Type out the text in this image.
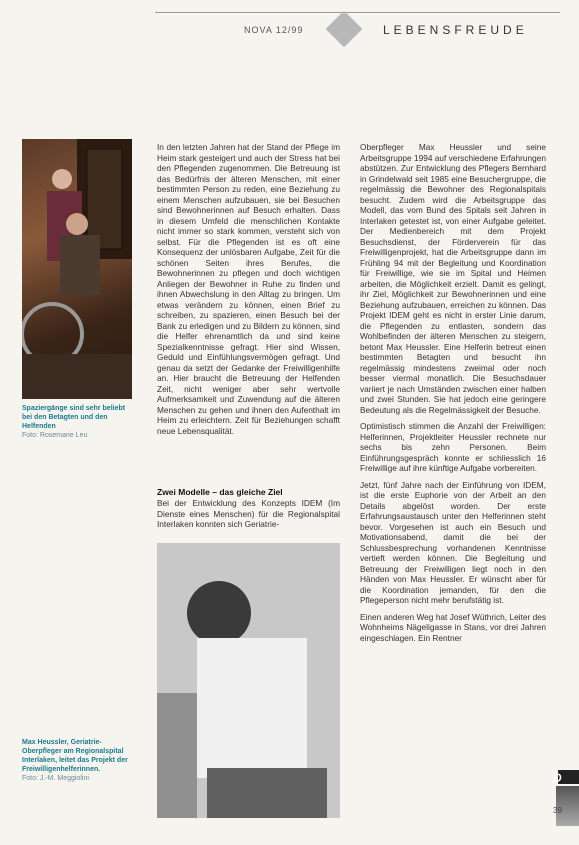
NOVA 12/99	LEBENSFREUDE
Spaziergänge sind sehr beliebt bei den Betagten und den Helfenden
Foto: Rosemarie Leu

In den letzten Jahren hat der Stand der Pflege im Heim stark gesteigert und auch der Stress hat bei den Pflegenden zugenommen. Die Betreuung ist das Bedürfnis der älteren Menschen, mit einer bestimmten Person zu reden, eine Beziehung zu einem Menschen aufzubauen, sie bei Besuchen sind Bewohnerinnen auf Besuch erhalten. Dass in diesem Umfeld die menschlichen Kontakte nicht immer so stark kommen, versteht sich von selbst. Für die Pflegenden ist es oft eine Konsequenz der unlösbaren Aufgabe, Zeit für die schönen Seiten ihres Berufes, die Bewohnerinnen zu pflegen und doch wichtigen Anliegen der Bewohner in Ruhe zu finden und ihnen Abwechslung in den Alltag zu bringen. Um etwas verändern zu können, einen Brief zu schreiben, zu spazieren, einen Besuch bei der Bank zu erledigen und zu Bildern zu können, sind die Helfer ehrenamtlich da und sind keine Spezialkenntnisse gefragt. Hier sind Wissen, Geduld und Einfühlungsvermögen gefragt. Und genau da setzt der Gedanke der Freiwilligenhilfe an. Hier braucht die Betreuung der Helfenden Zeit, nicht weniger aber sehr wertvolle Aufmerksamkeit und Zuwendung auf die älteren Menschen zu gehen und ihnen den Aufenthalt im Heim zu erleichtern. Zeit für Beziehungen schafft neue Lebensqualität.

Zwei Modelle – das gleiche Ziel

Bei der Entwicklung des Konzepts IDEM (Im Dienste eines Menschen) für die Regionalspital Interlaken konnten sich Geriatrie-

Max Heussler, Geriatrie-Oberpfleger am Regionalspital Interlaken, leitet das Projekt der Freiwilligenhelferinnen.
Foto: J.-M. Meggiolini

Oberpfleger Max Heussler und seine Arbeitsgruppe 1994 auf verschiedene Erfahrungen abstützen. Zur Entwicklung des Pflegers Bernhard in Grindelwald seit 1985 eine Besuchergruppe, die regelmässig die Bewohner des Regionalspitals besucht. Zudem wird die Arbeitsgruppe das Modell, das vom Bund des Spitals seit Jahren in Interlaken getestet ist, von einer Aufgabe geleitet. Der Medienbereich mit dem Projekt Besuchsdienst, der Förderverein für das Freiwilligenprojekt, hat die Arbeitsgruppe dann im Frühling 94 mit der Begleitung und Koordination für Freiwillige, wie sie im Spital und Heimen arbeiten, die Möglichkeit erzielt. Damit es gelingt, ihr Ziel, Möglichkeit zur Bewohnerinnen und eine Beziehung aufzubauen, erreichen zu können. Das Projekt IDEM geht es nicht in erster Linie darum, die Pflegenden zu entlasten, sondern das Wohlbefinden der älteren Menschen zu steigern, betont Max Heussler. Eine Helferin betreut einen bestimmten Betagten und besucht ihn regelmässig mindestens zweimal oder noch besser viermal monatlich. Die Besuchsdauer variiert je nach Umständen zwischen einer halben und zwei Stunden. Sie hat jedoch eine geringere Bedeutung als die Regelmässigkeit der Besuche.

Optimistisch stimmen die Anzahl der Freiwilligen: Helferinnen, Projektleiter Heussler rechnete nur sechs bis zehn Personen. Beim Einführungsgespräch konnte er schliesslich 16 Freiwillige auf ihre künftige Aufgabe vorbereiten.

Jetzt, fünf Jahre nach der Einführung von IDEM, ist die erste Euphorie von der Arbeit an den Details abgelöst worden. Der erste Erfahrungsaustausch unter den Helferinnen steht bevor. Vorgesehen ist auch ein Besuch und Motivationsabend, damit die bei der Schlussbesprechung vorhandenen Kenntnisse vertieft werden können. Die Begleitung und Betreuung der Freiwilligen liegt noch in den Händen von Max Heussler. Er wünscht aber für die Koordination jemanden, für den die Pflegeperson nicht mehr berufstätig ist.

Einen anderen Weg hat Josef Wüthrich, Leiter des Wohnheims Nägeligasse in Stans, vor drei Jahren eingeschlagen. Ein Rentner

D
39
